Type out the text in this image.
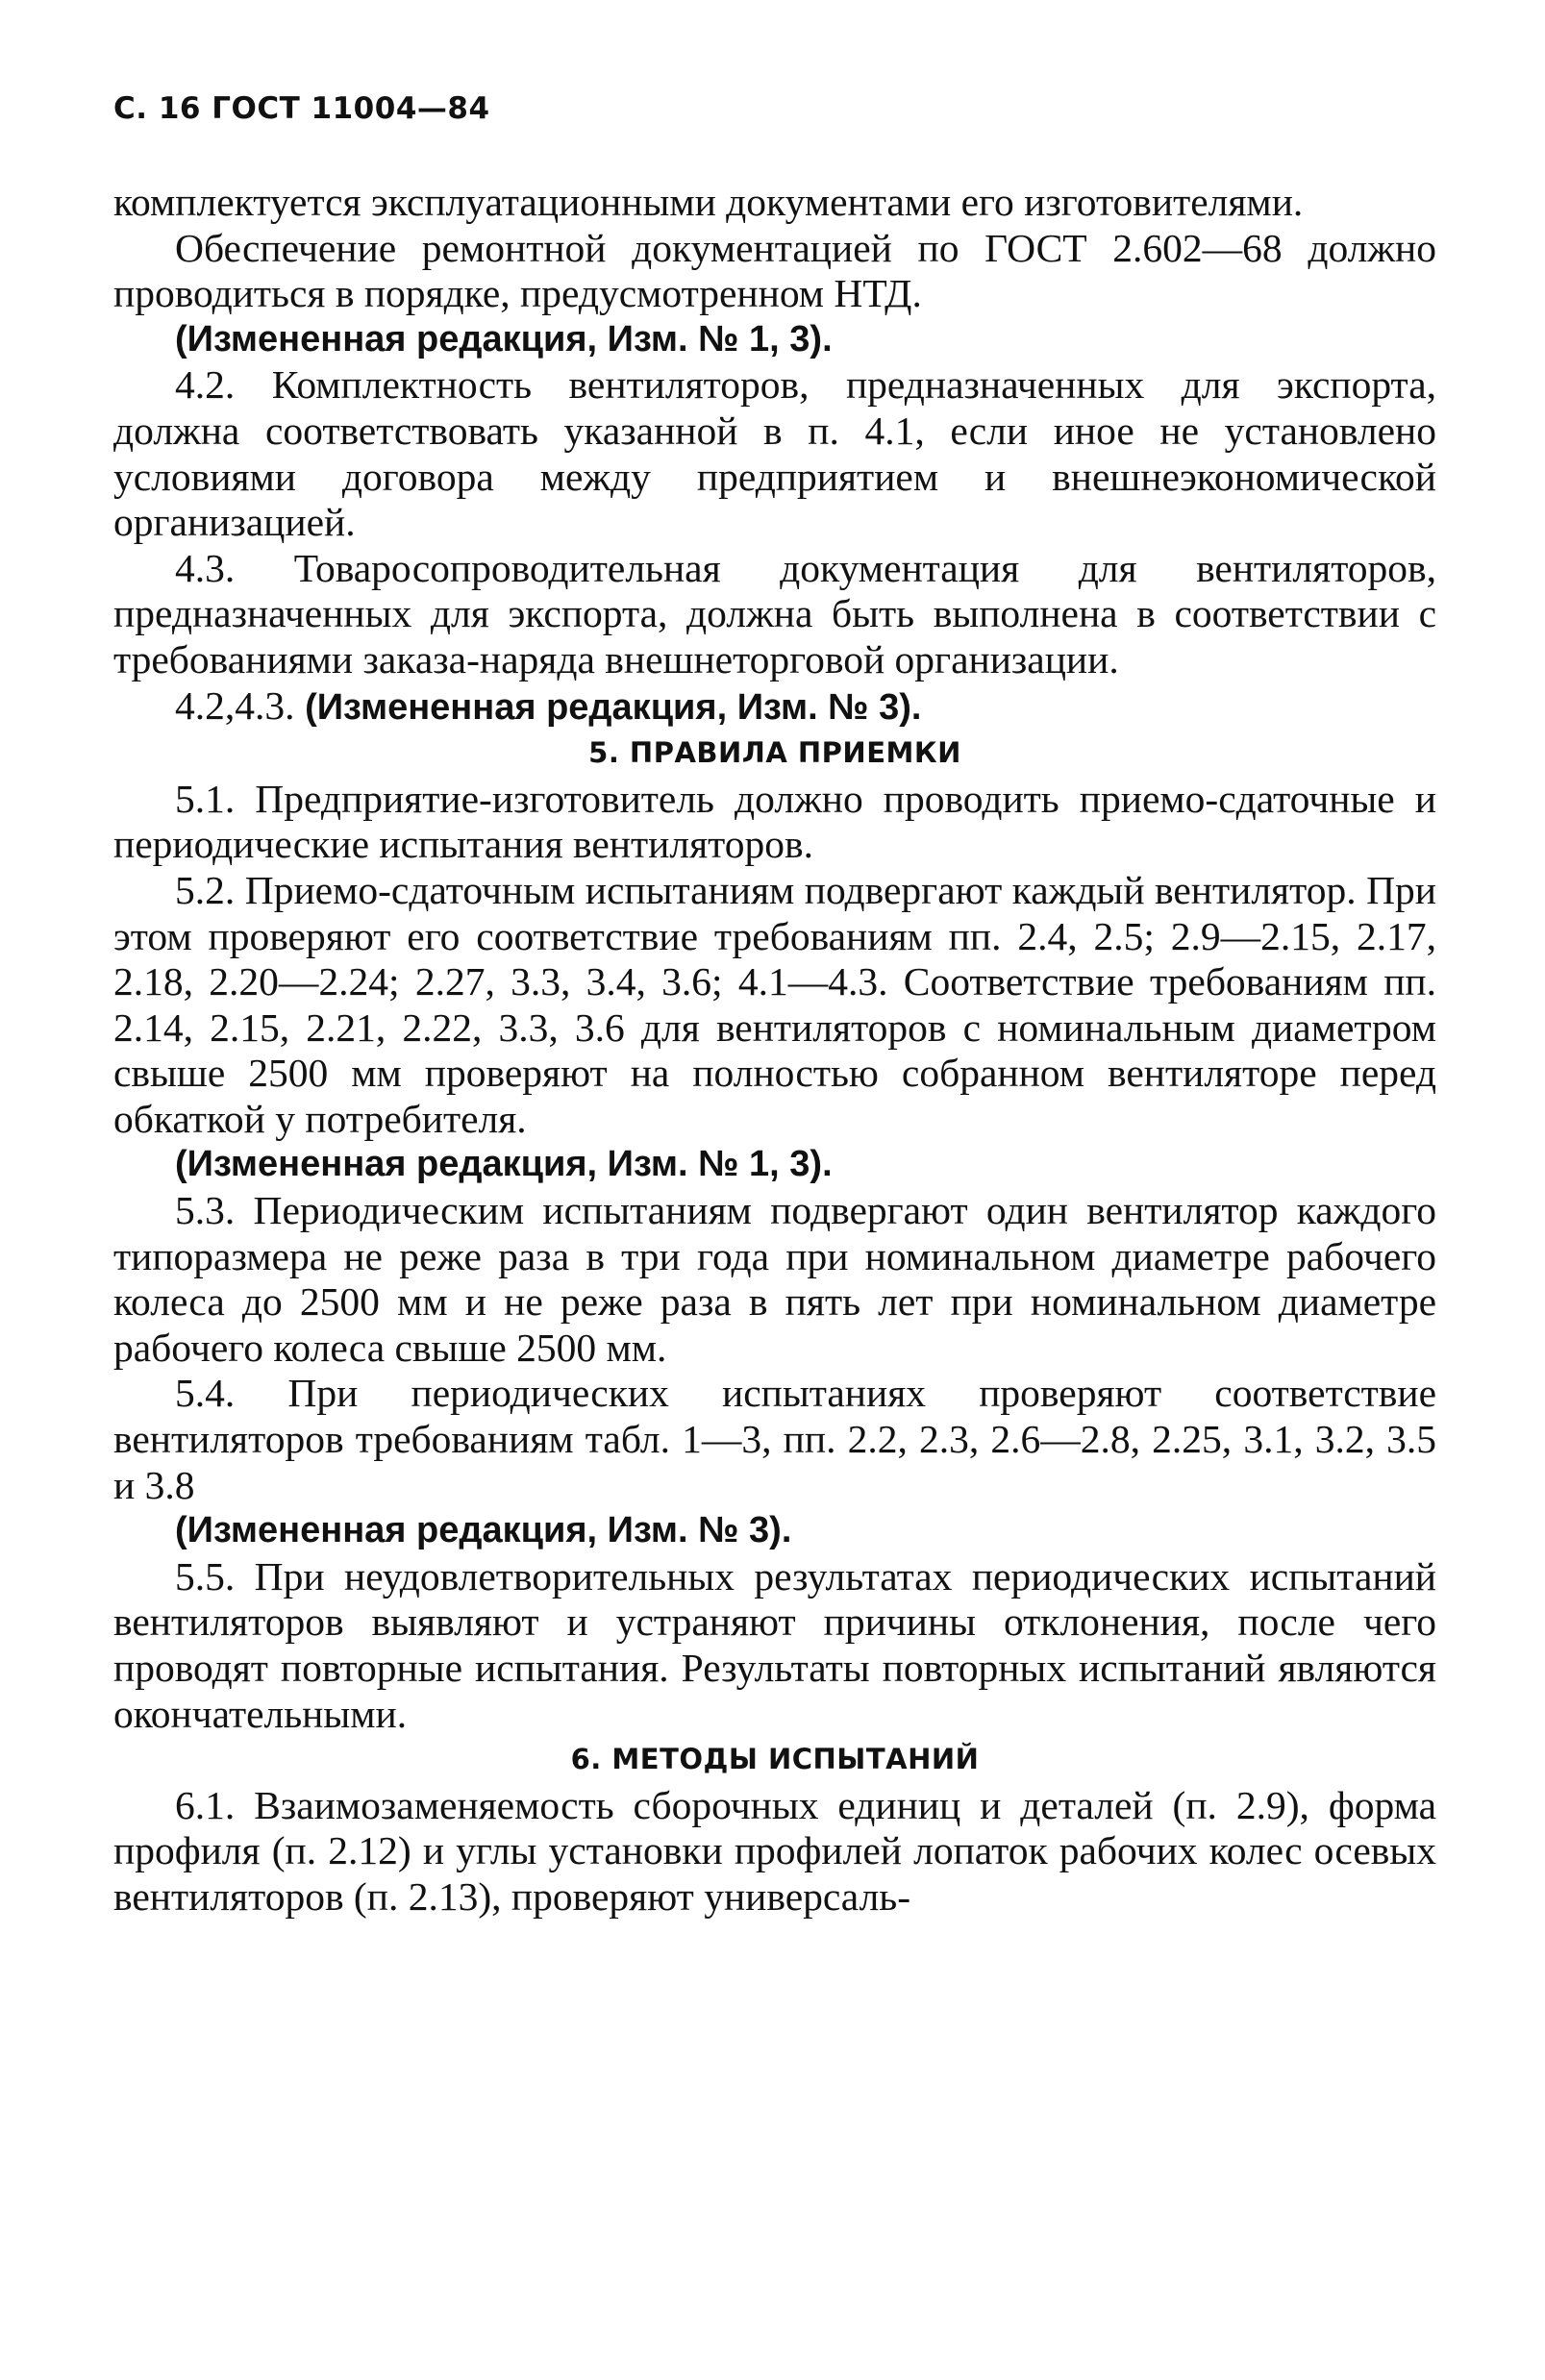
С. 16 ГОСТ 11004—84

комплектуется эксплуатационными документами его изготовителями.

Обеспечение ремонтной документацией по ГОСТ 2.602—68 должно проводиться в порядке, предусмотренном НТД.

(Измененная редакция, Изм. № 1, 3).

4.2. Комплектность вентиляторов, предназначенных для экспорта, должна соответствовать указанной в п. 4.1, если иное не установлено условиями договора между предприятием и внешнеэкономической организацией.

4.3. Товаросопроводительная документация для вентиляторов, предназначенных для экспорта, должна быть выполнена в соответствии с требованиями заказа-наряда внешнеторговой организации.

4.2,4.3. (Измененная редакция, Изм. № 3).

5. ПРАВИЛА ПРИЕМКИ

5.1. Предприятие-изготовитель должно проводить приемо-сдаточные и периодические испытания вентиляторов.

5.2. Приемо-сдаточным испытаниям подвергают каждый вентилятор. При этом проверяют его соответствие требованиям пп. 2.4, 2.5; 2.9—2.15, 2.17, 2.18, 2.20—2.24; 2.27, 3.3, 3.4, 3.6; 4.1—4.3. Соответствие требованиям пп. 2.14, 2.15, 2.21, 2.22, 3.3, 3.6 для вентиляторов с номинальным диаметром свыше 2500 мм проверяют на полностью собранном вентиляторе перед обкаткой у потребителя.

(Измененная редакция, Изм. № 1, 3).

5.3. Периодическим испытаниям подвергают один вентилятор каждого типоразмера не реже раза в три года при номинальном диаметре рабочего колеса до 2500 мм и не реже раза в пять лет при номинальном диаметре рабочего колеса свыше 2500 мм.

5.4. При периодических испытаниях проверяют соответствие вентиляторов требованиям табл. 1—3, пп. 2.2, 2.3, 2.6—2.8, 2.25, 3.1, 3.2, 3.5 и 3.8

(Измененная редакция, Изм. № 3).

5.5. При неудовлетворительных результатах периодических испытаний вентиляторов выявляют и устраняют причины отклонения, после чего проводят повторные испытания. Результаты повторных испытаний являются окончательными.

6. МЕТОДЫ ИСПЫТАНИЙ

6.1. Взаимозаменяемость сборочных единиц и деталей (п. 2.9), форма профиля (п. 2.12) и углы установки профилей лопаток рабочих колес осевых вентиляторов (п. 2.13), проверяют универсаль-
